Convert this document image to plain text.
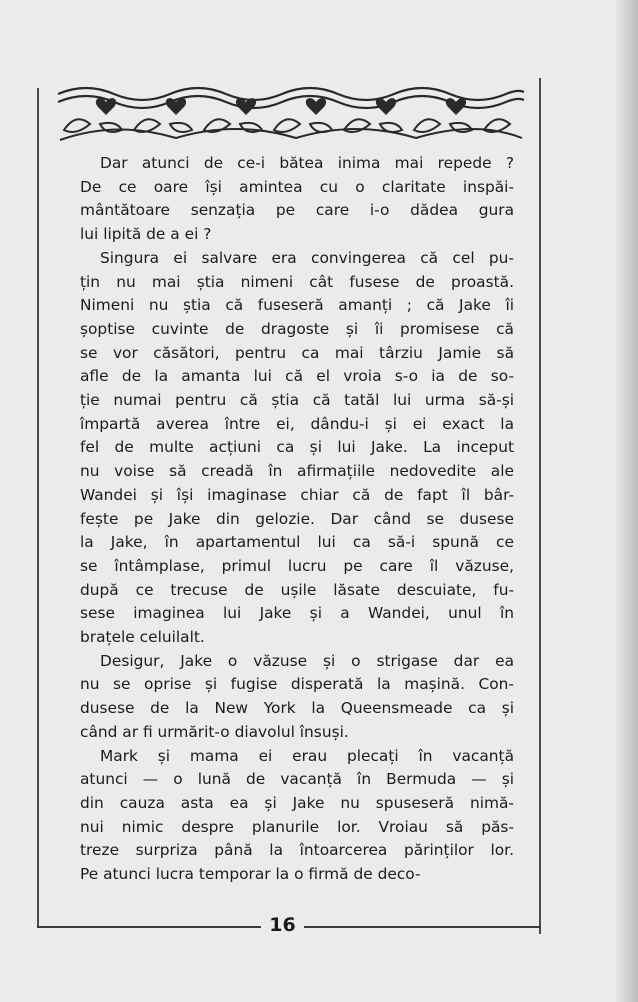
Dar atunci de ce-i bătea inima mai repede ?
De ce oare își amintea cu o claritate inspăi-
mântătoare senzația pe care i-o dădea gura
lui lipită de a ei ?

Singura ei salvare era convingerea că cel pu-
țin nu mai știa nimeni cât fusese de proastă.
Nimeni nu știa că fuseseră amanți ; că Jake îi
șoptise cuvinte de dragoste și îi promisese că
se vor căsători, pentru ca mai târziu Jamie să
afle de la amanta lui că el vroia s-o ia de so-
ție numai pentru că știa că tatăl lui urma să-și
împartă averea între ei, dându-i și ei exact la
fel de multe acțiuni ca și lui Jake. La inceput
nu voise să creadă în afirmațiile nedovedite ale
Wandei și își imaginase chiar că de fapt îl bâr-
fește pe Jake din gelozie. Dar când se dusese
la Jake, în apartamentul lui ca să-i spună ce
se întâmplase, primul lucru pe care îl văzuse,
după ce trecuse de ușile lăsate descuiate, fu-
sese imaginea lui Jake și a Wandei, unul în
brațele celuilalt.

Desigur, Jake o văzuse și o strigase dar ea
nu se oprise și fugise disperată la mașină. Con-
dusese de la New York la Queensmeade ca și
când ar fi urmărit-o diavolul însuși.

Mark și mama ei erau plecați în vacanță
atunci — o lună de vacanță în Bermuda — și
din cauza asta ea și Jake nu spuseseră nimă-
nui nimic despre planurile lor. Vroiau să păs-
treze surpriza până la întoarcerea părinților lor.
Pe atunci lucra temporar la o firmă de deco-

16
